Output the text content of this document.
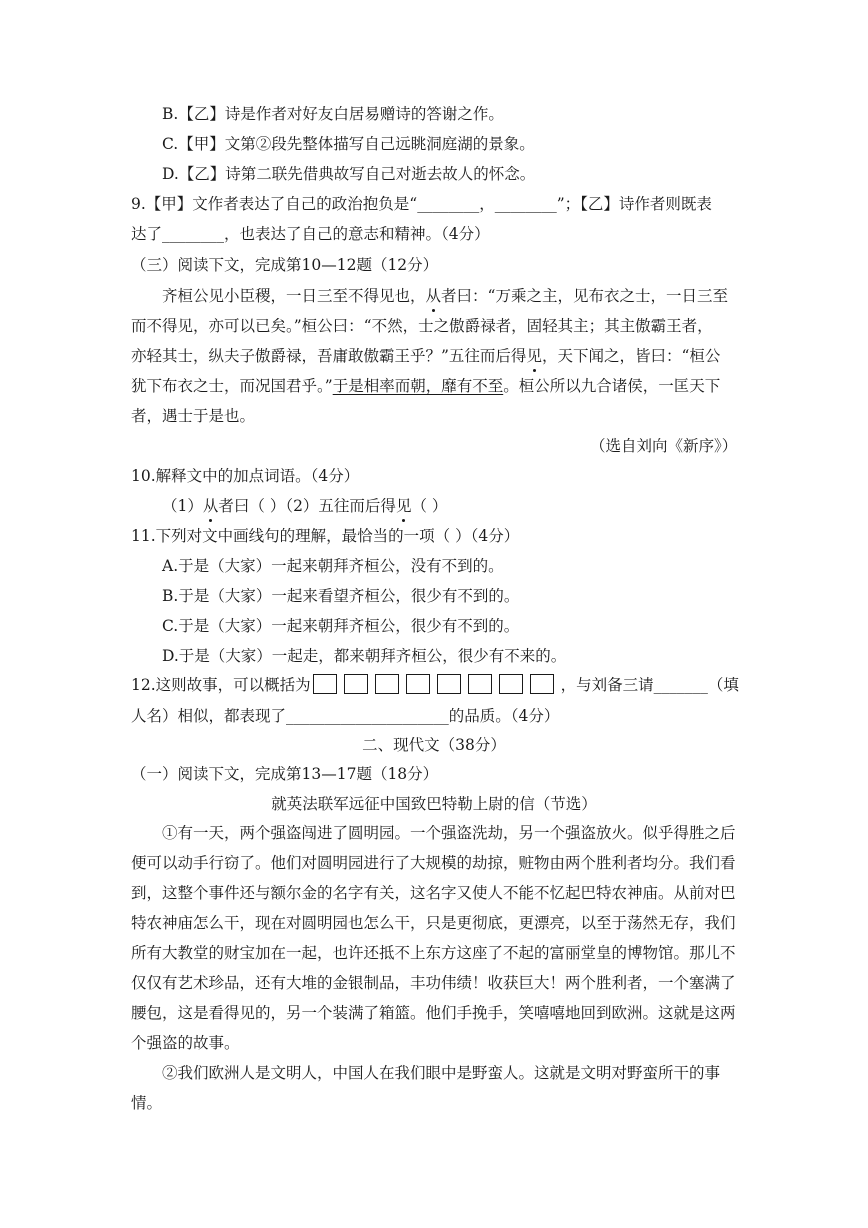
B.【乙】诗是作者对好友白居易赠诗的答谢之作。
C.【甲】文第②段先整体描写自己远眺洞庭湖的景象。
D.【乙】诗第二联先借典故写自己对逝去故人的怀念。
9.【甲】文作者表达了自己的政治抱负是“________，________”；【乙】诗作者则既表
达了________，也表达了自己的意志和精神。（4分）
（三）阅读下文，完成第10—12题（12分）
齐桓公见小臣稷，一日三至不得见也，从者曰：“万乘之主，见布衣之士，一日三至
而不得见，亦可以已矣。”桓公曰：“不然，士之傲爵禄者，固轻其主；其主傲霸王者，
亦轻其士，纵夫子傲爵禄，吾庸敢傲霸王乎？”五往而后得见，天下闻之，皆曰：“桓公
犹下布衣之士，而况国君乎。”于是相率而朝，靡有不至。桓公所以九合诸侯，一匡天下
者，遇士于是也。
（选自刘向《新序》）
10.解释文中的加点词语。（4分）
（1）从者曰（ ）（2）五往而后得见（ ）
11.下列对文中画线句的理解，最恰当的一项（ ）（4分）
A.于是（大家）一起来朝拜齐桓公，没有不到的。
B.于是（大家）一起来看望齐桓公，很少有不到的。
C.于是（大家）一起来朝拜齐桓公，很少有不到的。
D.于是（大家）一起走，都来朝拜齐桓公，很少有不来的。
12.这则故事，可以概括为	，与刘备三请_______（填
人名）相似，都表现了_____________________的品质。（4分）
二、现代文（38分）
（一）阅读下文，完成第13—17题（18分）
就英法联军远征中国致巴特勒上尉的信（节选）
①有一天，两个强盗闯进了圆明园。一个强盗洗劫，另一个强盗放火。似乎得胜之后
便可以动手行窃了。他们对圆明园进行了大规模的劫掠，赃物由两个胜利者均分。我们看
到，这整个事件还与额尔金的名字有关，这名字又使人不能不忆起巴特农神庙。从前对巴
特农神庙怎么干，现在对圆明园也怎么干，只是更彻底，更漂亮，以至于荡然无存，我们
所有大教堂的财宝加在一起，也许还抵不上东方这座了不起的富丽堂皇的博物馆。那儿不
仅仅有艺术珍品，还有大堆的金银制品，丰功伟绩！收获巨大！两个胜利者，一个塞满了
腰包，这是看得见的，另一个装满了箱篮。他们手挽手，笑嘻嘻地回到欧洲。这就是这两
个强盗的故事。
②我们欧洲人是文明人，中国人在我们眼中是野蛮人。这就是文明对野蛮所干的事
情。
